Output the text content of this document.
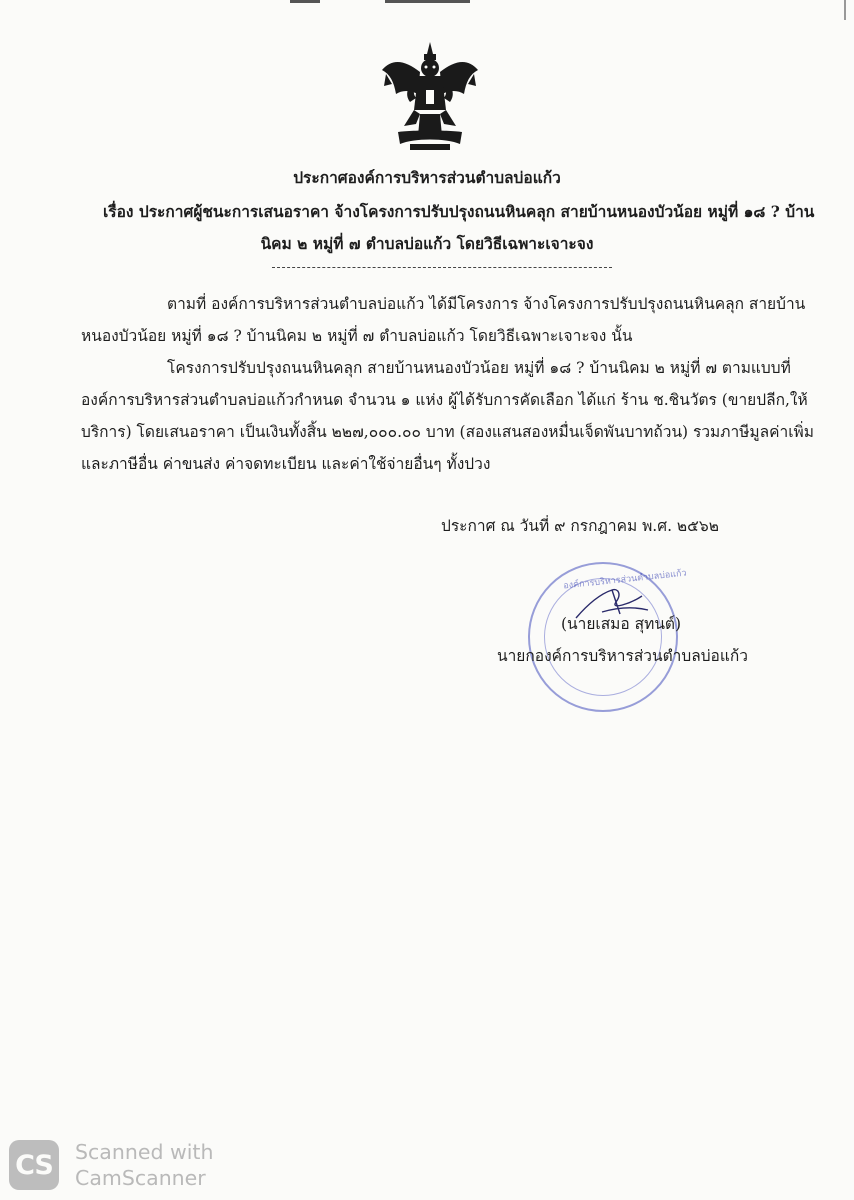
ประกาศองค์การบริหารส่วนตำบลบ่อแก้ว
เรื่อง ประกาศผู้ชนะการเสนอราคา จ้างโครงการปรับปรุงถนนหินคลุก สายบ้านหนองบัวน้อย หมู่ที่ ๑๘ ? บ้าน
นิคม ๒ หมู่ที่ ๗ ตำบลบ่อแก้ว โดยวิธีเฉพาะเจาะจง
ตามที่ องค์การบริหารส่วนตำบลบ่อแก้ว ได้มีโครงการ จ้างโครงการปรับปรุงถนนหินคลุก สายบ้าน
หนองบัวน้อย หมู่ที่ ๑๘ ? บ้านนิคม ๒ หมู่ที่ ๗ ตำบลบ่อแก้ว โดยวิธีเฉพาะเจาะจง นั้น
โครงการปรับปรุงถนนหินคลุก สายบ้านหนองบัวน้อย หมู่ที่ ๑๘ ? บ้านนิคม ๒ หมู่ที่ ๗ ตามแบบที่
องค์การบริหารส่วนตำบลบ่อแก้วกำหนด จำนวน ๑ แห่ง ผู้ได้รับการคัดเลือก ได้แก่ ร้าน ช.ชินวัตร (ขายปลีก,ให้
บริการ) โดยเสนอราคา เป็นเงินทั้งสิ้น ๒๒๗,๐๐๐.๐๐ บาท (สองแสนสองหมื่นเจ็ดพันบาทถ้วน) รวมภาษีมูลค่าเพิ่ม
และภาษีอื่น ค่าขนส่ง ค่าจดทะเบียน และค่าใช้จ่ายอื่นๆ ทั้งปวง
ประกาศ ณ วันที่ ๙ กรกฎาคม พ.ศ. ๒๕๖๒
องค์การบริหารส่วนตำบลบ่อแก้ว
(นายเสมอ สุทนต์)
นายกองค์การบริหารส่วนตำบลบ่อแก้ว
CS Scanned with
CamScanner
